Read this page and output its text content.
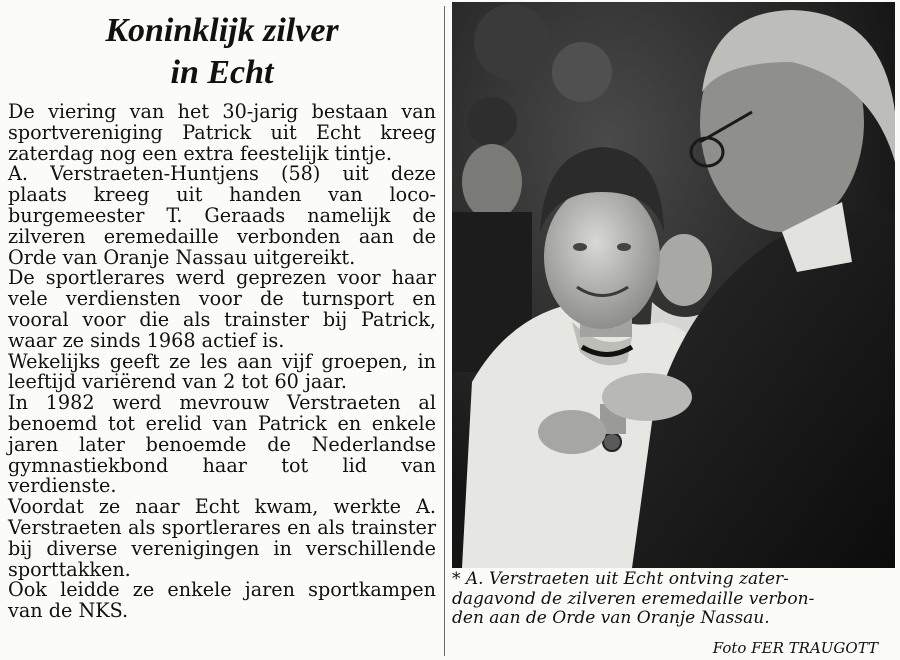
Koninklijk zilver
in Echt

De viering van het 30-jarig bestaan van sportvereniging Patrick uit Echt kreeg zaterdag nog een extra feestelijk tintje.

A. Verstraeten-Huntjens (58) uit deze plaats kreeg uit handen van loco-burgemeester T. Geraads namelijk de zilveren eremedaille verbonden aan de Orde van Oranje Nassau uitgereikt.

De sportlerares werd geprezen voor haar vele verdiensten voor de turnsport en vooral voor die als trainster bij Patrick, waar ze sinds 1968 actief is.

Wekelijks geeft ze les aan vijf groepen, in leeftijd variërend van 2 tot 60 jaar.

In 1982 werd mevrouw Verstraeten al benoemd tot erelid van Patrick en enkele jaren later benoemde de Nederlandse gymnastiekbond haar tot lid van verdienste.

Voordat ze naar Echt kwam, werkte A. Verstraeten als sportlerares en als trainster bij diverse verenigingen in verschillende sporttakken.

Ook leidde ze enkele jaren sportkampen van de NKS.

* A. Verstraeten uit Echt ontving zater-
dagavond de zilveren eremedaille verbon-
den aan de Orde van Oranje Nassau.
Foto FER TRAUGOTT
